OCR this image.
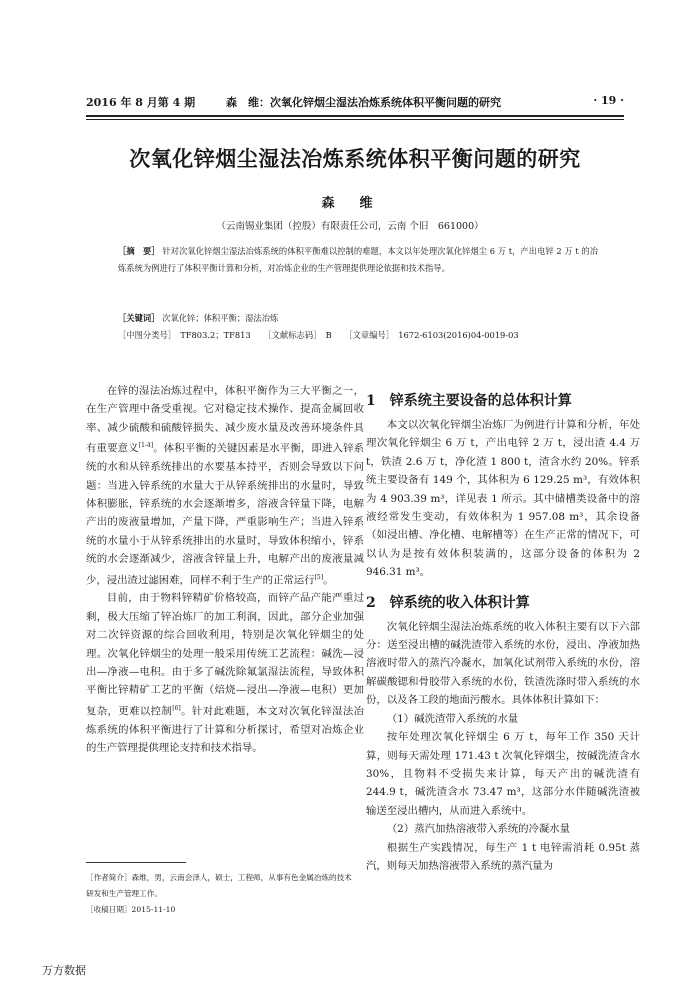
2016 年 8 月第 4 期	森　维：次氧化锌烟尘湿法冶炼系统体积平衡问题的研究	· 19 ·
次氧化锌烟尘湿法冶炼系统体积平衡问题的研究
森　维
（云南锡业集团（控股）有限责任公司，云南 个旧　661000）
［摘　要］ 针对次氧化锌烟尘湿法冶炼系统的体积平衡难以控制的难题，本文以年处理次氧化锌烟尘 6 万 t，产出电锌 2 万 t 的冶炼系统为例进行了体积平衡计算和分析，对冶炼企业的生产管理提供理论依据和技术指导。
［关键词］ 次氧化锌；体积平衡；湿法冶炼
［中图分类号］　TF803.2；TF813 ［文献标志码］　B ［文章编号］　1672-6103(2016)04-0019-03

在锌的湿法冶炼过程中，体积平衡作为三大平衡之一，在生产管理中备受重视。它对稳定技术操作、提高金属回收率、减少硫酸和硫酸锌损失、减少废水量及改善环境条件具有重要意义[1-4]。体积平衡的关键因素是水平衡，即进入锌系统的水和从锌系统排出的水要基本持平，否则会导致以下问题：当进入锌系统的水量大于从锌系统排出的水量时，导致体积膨胀，锌系统的水会逐渐增多，溶液含锌量下降，电解产出的废液量增加，产量下降，严重影响生产；当进入锌系统的水量小于从锌系统排出的水量时，导致体积缩小，锌系统的水会逐渐减少，溶液含锌量上升，电解产出的废液量减少，浸出渣过滤困难，同样不利于生产的正常运行[5]。

目前，由于物料锌精矿价格较高，而锌产品产能严重过剩，极大压缩了锌冶炼厂的加工利润，因此，部分企业加强对二次锌资源的综合回收利用，特别是次氧化锌烟尘的处理。次氧化锌烟尘的处理一般采用传统工艺流程：碱洗—浸出—净液—电积。由于多了碱洗除氟氯湿法流程，导致体积平衡比锌精矿工艺的平衡（焙烧—浸出—净液—电积）更加复杂，更难以控制[6]。针对此难题，本文对次氧化锌湿法冶炼系统的体积平衡进行了计算和分析探讨，希望对冶炼企业的生产管理提供理论支持和技术指导。

1 锌系统主要设备的总体积计算

本文以次氧化锌烟尘冶炼厂为例进行计算和分析，年处理次氧化锌烟尘 6 万 t，产出电锌 2 万 t，浸出渣 4.4 万 t，铁渣 2.6 万 t，净化渣 1 800 t，渣含水约 20%。锌系统主要设备有 149 个，其体积为 6 129.25 m³，有效体积为 4 903.39 m³，详见表 1 所示。其中储槽类设备中的溶液经常发生变动，有效体积为 1 957.08 m³，其余设备（如浸出槽、净化槽、电解槽等）在生产正常的情况下，可以认为是按有效体积装满的，这部分设备的体积为 2 946.31 m³。

2 锌系统的收入体积计算

次氧化锌烟尘湿法冶炼系统的收入体积主要有以下六部分：送至浸出槽的碱洗渣带入系统的水份，浸出、净液加热溶液时带入的蒸汽冷凝水，加氧化试剂带入系统的水份，溶解碳酸锶和骨胶带入系统的水份，铁渣洗涤时带入系统的水份，以及各工段的地面污酸水。具体体积计算如下：

（1）碱洗渣带入系统的水量

按年处理次氧化锌烟尘 6 万 t，每年工作 350 天计算，则每天需处理 171.43 t 次氧化锌烟尘，按碱洗渣含水 30%，且物料不受损失来计算，每天产出的碱洗渣有 244.9 t，碱洗渣含水 73.47 m³，这部分水伴随碱洗渣被输送至浸出槽内，从而进入系统中。

（2）蒸汽加热溶液带入系统的冷凝水量

根据生产实践情况，每生产 1 t 电锌需消耗 0.95t 蒸汽，则每天加热溶液带入系统的蒸汽量为

［作者简介］森维，男，云南会泽人，硕士，工程师，从事有色金属冶炼的技术研发和生产管理工作。
［收稿日期］2015-11-10
万方数据
